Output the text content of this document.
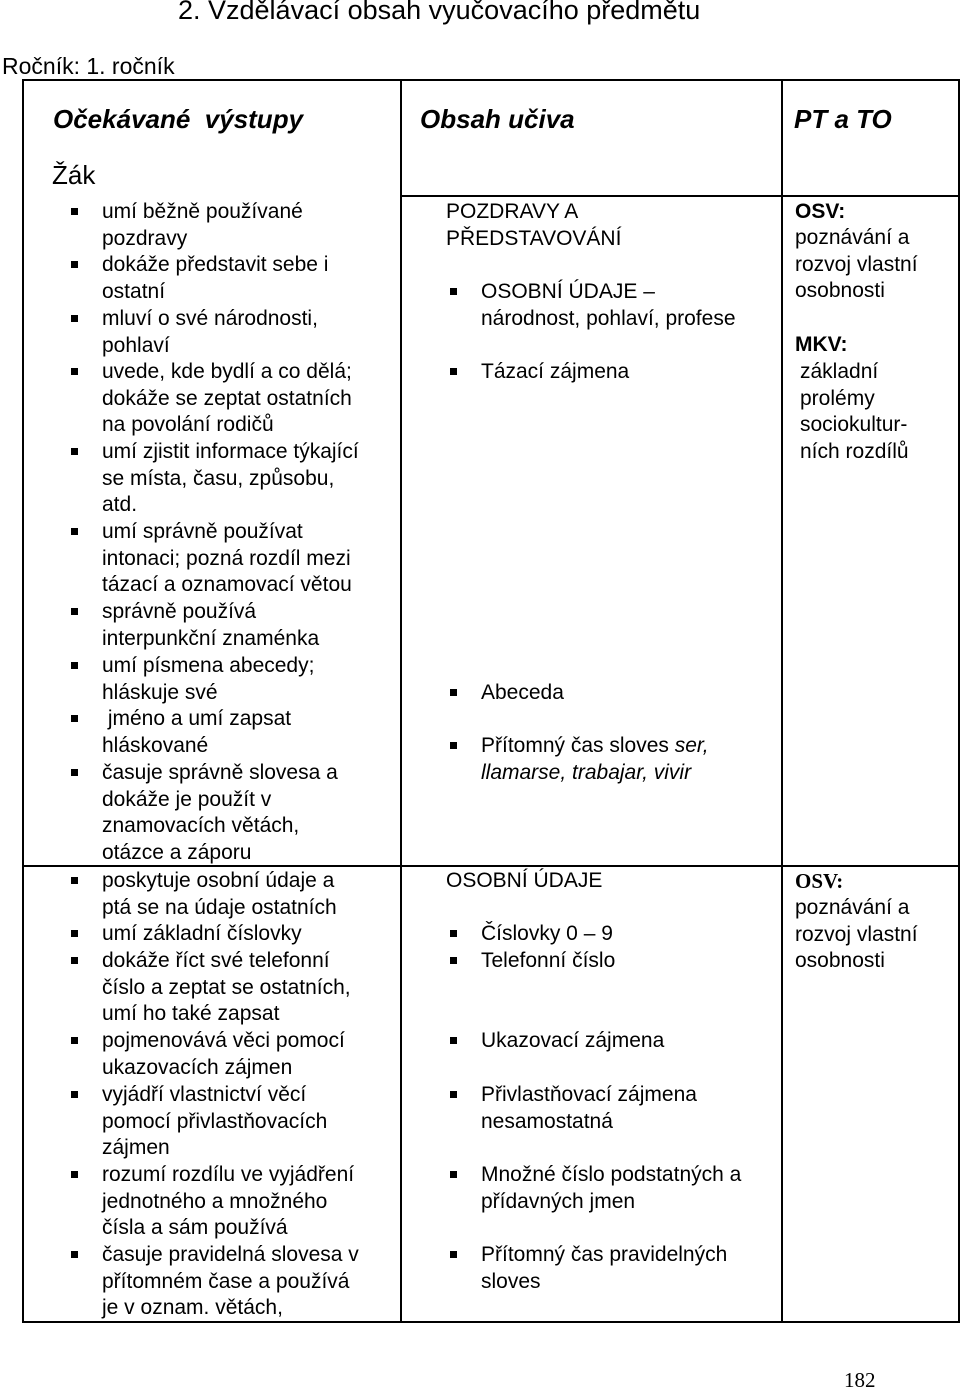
2. Vzdělávací obsah vyučovacího předmětu
Ročník: 1. ročník
Očekávané  výstupy	Obsah učiva	PT a TO
Žák
umí běžně používané
pozdravy
dokáže představit sebe i
ostatní
mluví o své národnosti,
pohlaví
uvede, kde bydlí a co dělá;
dokáže se zeptat ostatních
na povolání rodičů
umí zjistit informace týkající
se místa, času, způsobu,
atd.
umí správně používat
intonaci; pozná rozdíl mezi
tázací a oznamovací větou
správně používá
interpunkční znaménka
umí písmena abecedy;
hláskuje své
jméno a umí zapsat
hláskované
časuje správně slovesa a
dokáže je použít v
znamovacích větách,
otázce a záporu
poskytuje osobní údaje a
ptá se na údaje ostatních
umí základní číslovky
dokáže říct své telefonní
číslo a zeptat se ostatních,
umí ho také zapsat
pojmenovává věci pomocí
ukazovacích zájmen
vyjádří vlastnictví věcí
pomocí přivlastňovacích
zájmen
rozumí rozdílu ve vyjádření
jednotného a množného
čísla a sám používá
časuje pravidelná slovesa v
přítomném čase a používá
je v oznam. větách,
POZDRAVY A
PŘEDSTAVOVÁNÍ
OSOBNÍ ÚDAJE –
národnost, pohlaví, profese
Tázací zájmena
Abeceda
Přítomný čas sloves ser,
llamarse, trabajar, vivir
OSOBNÍ ÚDAJE
Číslovky 0 – 9
Telefonní číslo
Ukazovací zájmena
Přivlastňovací zájmena
nesamostatná
Množné číslo podstatných a
přídavných jmen
Přítomný čas pravidelných
sloves
OSV:
poznávání a
rozvoj vlastní
osobnosti
MKV:
základní
prolémy
sociokultur-
ních rozdílů
OSV:
poznávání a
rozvoj vlastní
osobnosti
182
